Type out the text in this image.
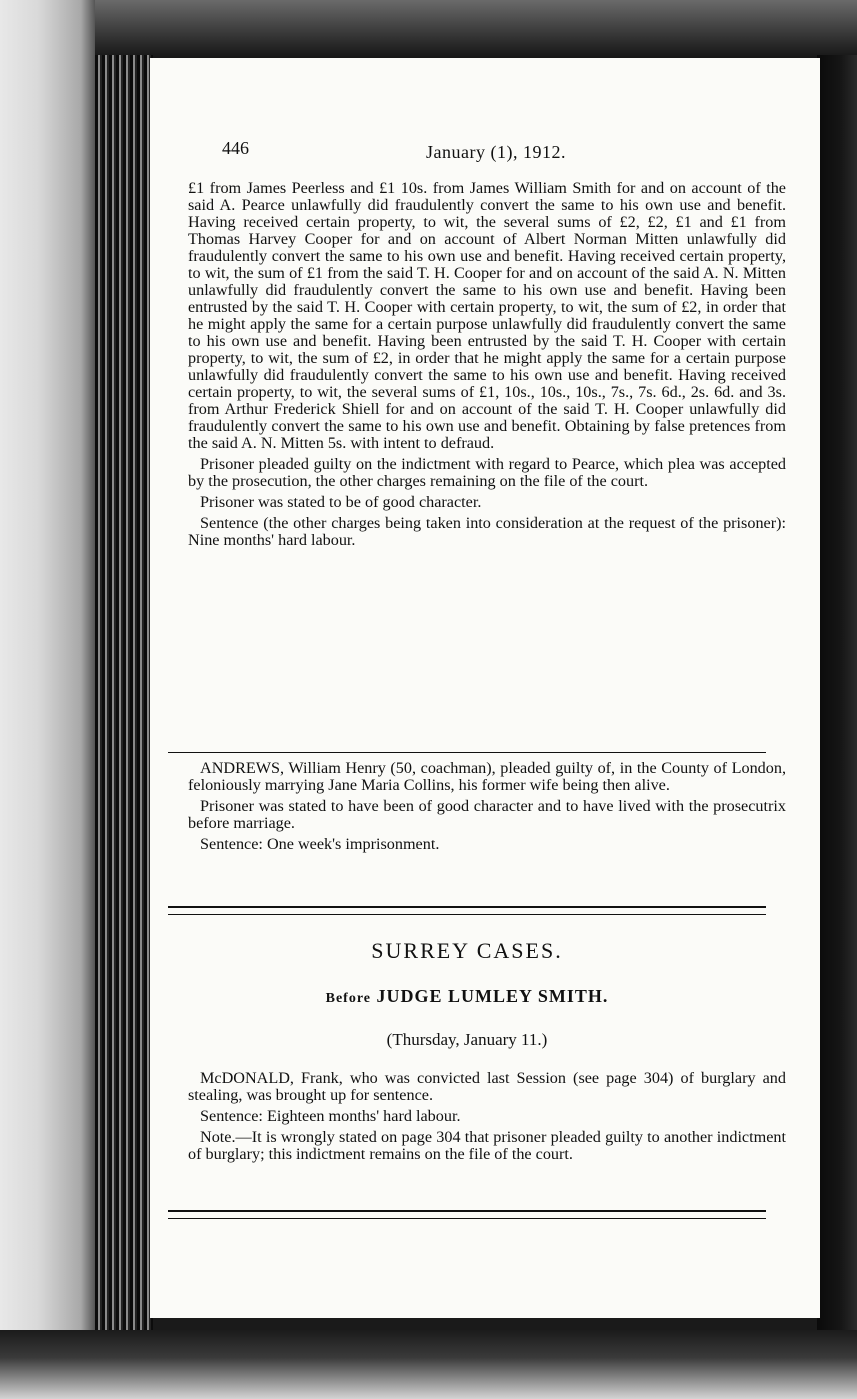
446	January (1), 1912.

£1 from James Peerless and £1 10s. from James William Smith for and on account of the said A. Pearce unlawfully did fraudulently convert the same to his own use and benefit. Having received certain property, to wit, the several sums of £2, £2, £1 and £1 from Thomas Harvey Cooper for and on account of Albert Norman Mitten unlawfully did fraudulently convert the same to his own use and benefit. Having received certain property, to wit, the sum of £1 from the said T. H. Cooper for and on account of the said A. N. Mitten unlawfully did fraudulently convert the same to his own use and benefit. Having been entrusted by the said T. H. Cooper with certain property, to wit, the sum of £2, in order that he might apply the same for a certain purpose unlawfully did fraudulently convert the same to his own use and benefit. Having been entrusted by the said T. H. Cooper with certain property, to wit, the sum of £2, in order that he might apply the same for a certain purpose unlawfully did fraudulently convert the same to his own use and benefit. Having received certain property, to wit, the several sums of £1, 10s., 10s., 10s., 7s., 7s. 6d., 2s. 6d. and 3s. from Arthur Frederick Shiell for and on account of the said T. H. Cooper unlawfully did fraudulently convert the same to his own use and benefit. Obtaining by false pretences from the said A. N. Mitten 5s. with intent to defraud.

Prisoner pleaded guilty on the indictment with regard to Pearce, which plea was accepted by the prosecution, the other charges remaining on the file of the court.

Prisoner was stated to be of good character.

Sentence (the other charges being taken into consideration at the request of the prisoner): Nine months' hard labour.

ANDREWS, William Henry (50, coachman), pleaded guilty of, in the County of London, feloniously marrying Jane Maria Collins, his former wife being then alive.

Prisoner was stated to have been of good character and to have lived with the prosecutrix before marriage.

Sentence: One week's imprisonment.

SURREY CASES.
Before JUDGE LUMLEY SMITH.
(Thursday, January 11.)

McDONALD, Frank, who was convicted last Session (see page 304) of burglary and stealing, was brought up for sentence.

Sentence: Eighteen months' hard labour.

Note.—It is wrongly stated on page 304 that prisoner pleaded guilty to another indictment of burglary; this indictment remains on the file of the court.
